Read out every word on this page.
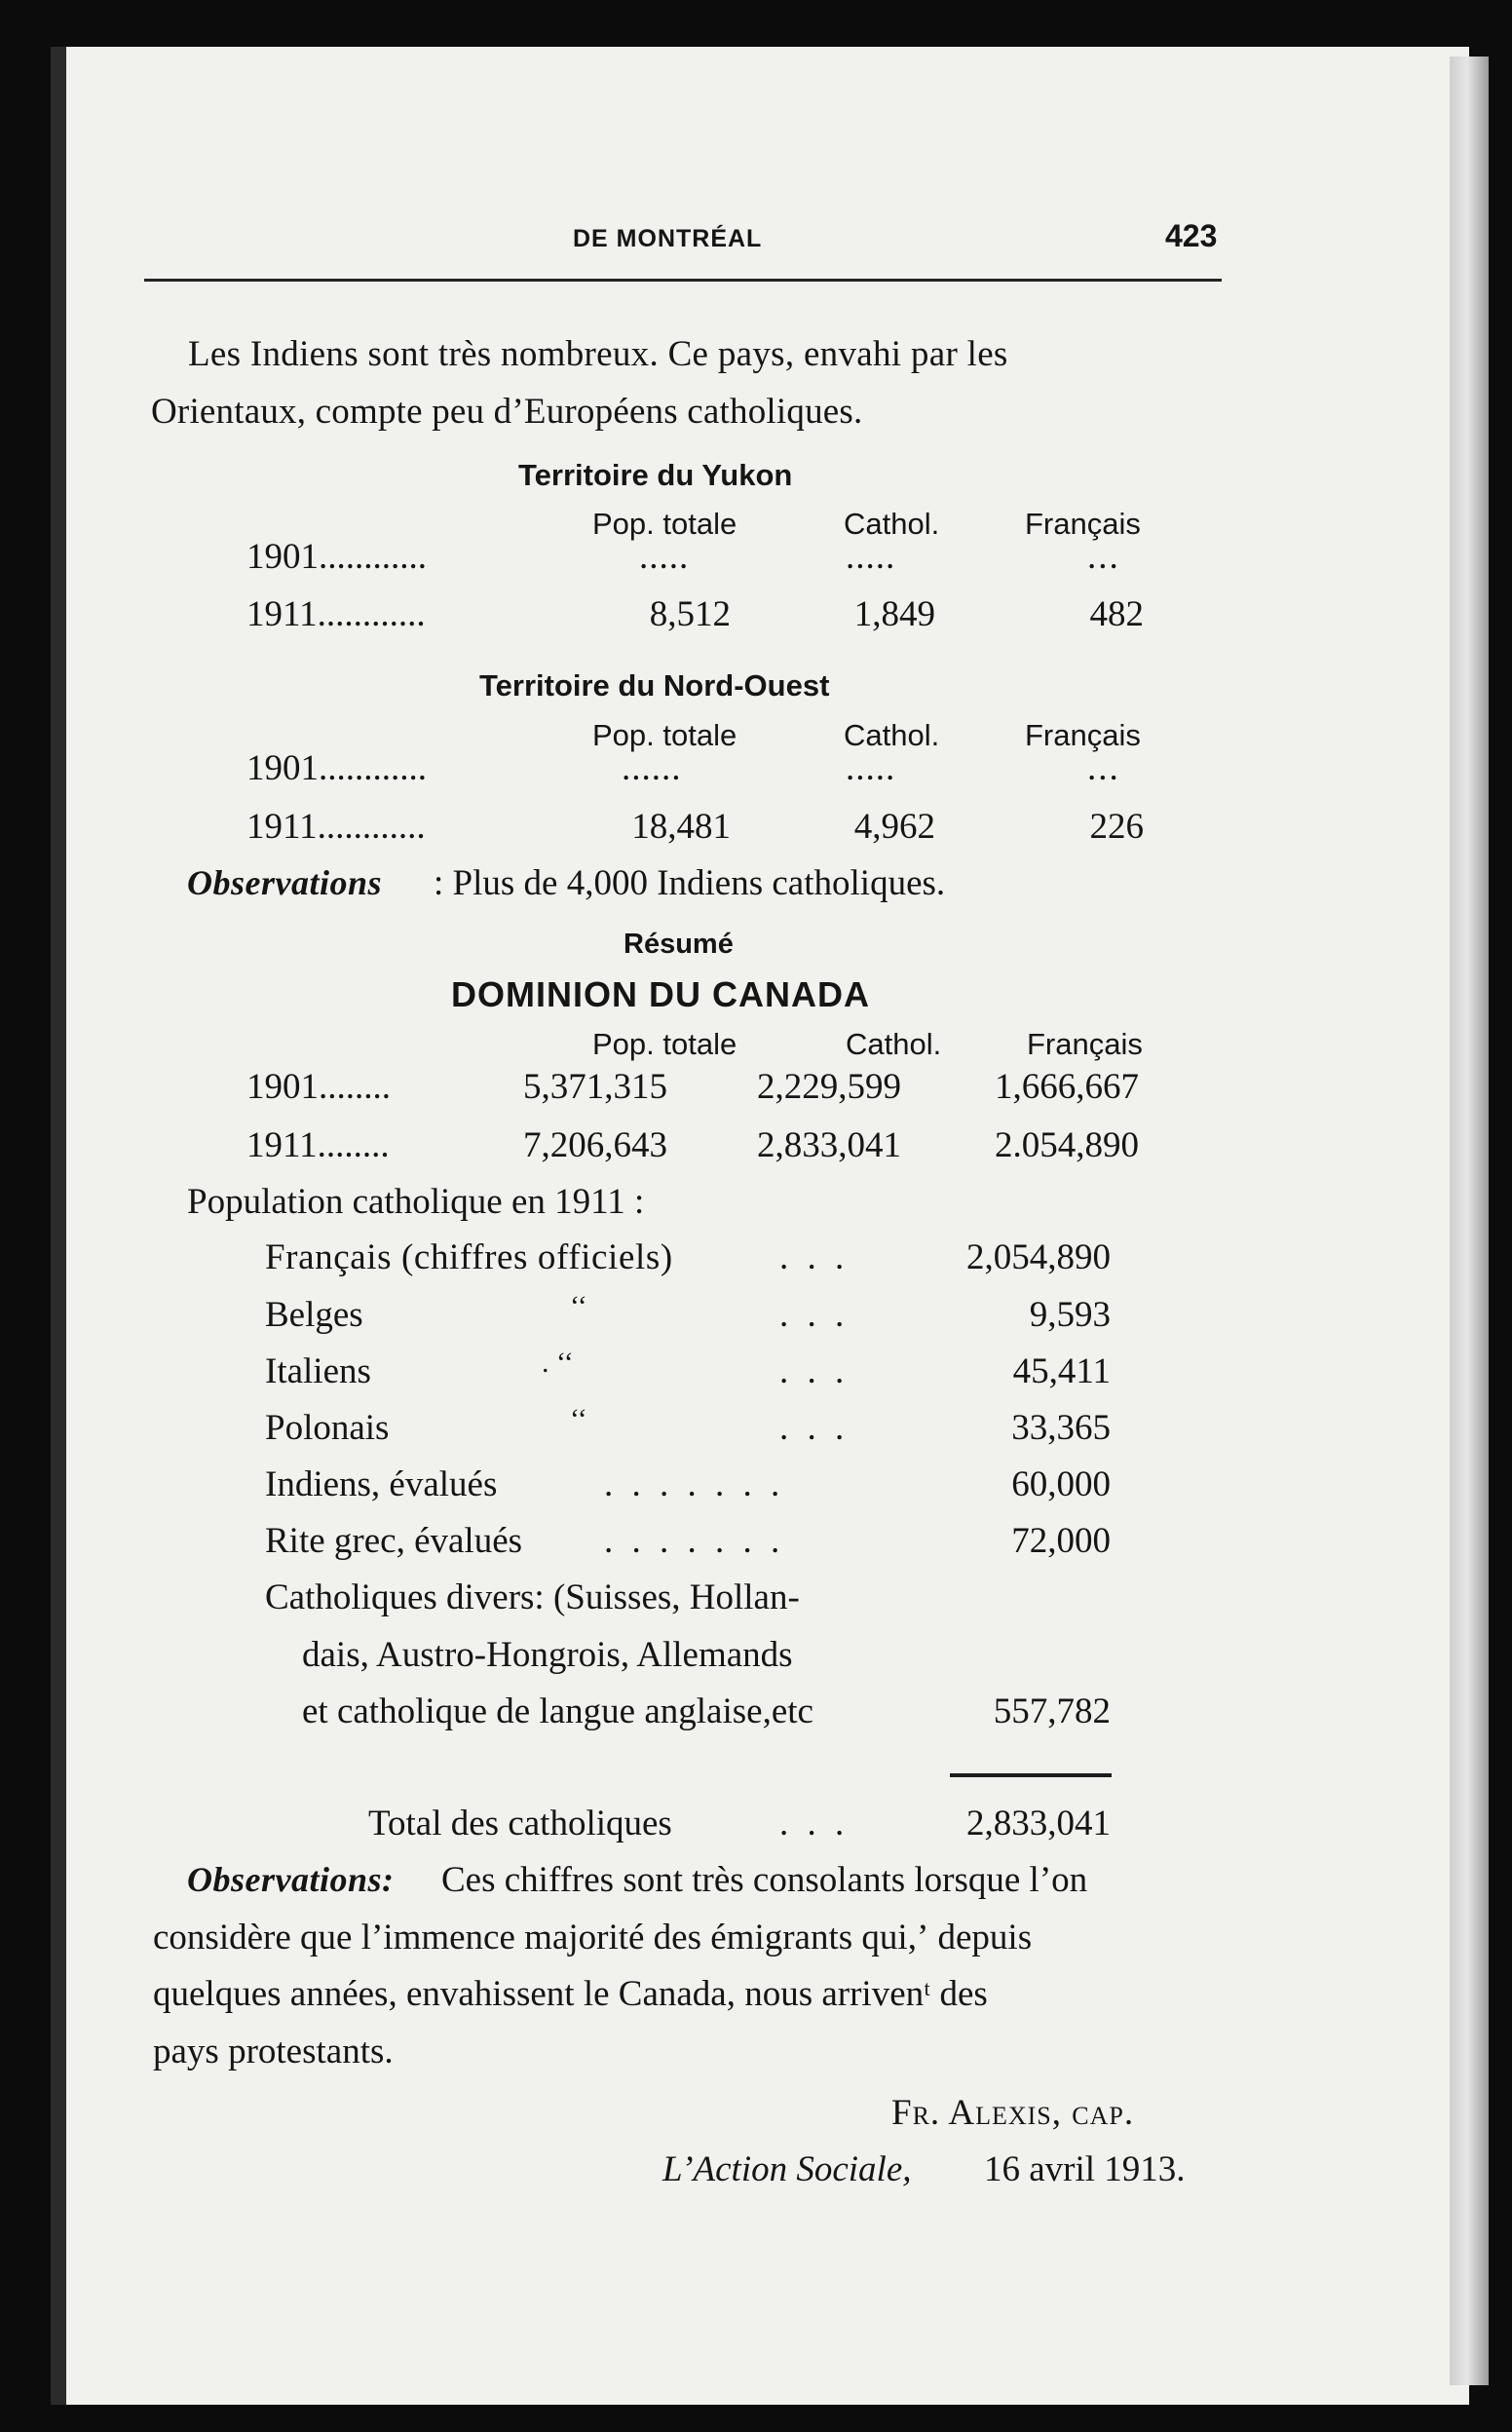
DE MONTRÉAL	423
Les Indiens sont très nombreux. Ce pays, envahi par les
Orientaux, compte peu d’Européens catholiques.
Territoire du Yukon
Pop. totale	Cathol.	Français
1901............	.....	.....	...
1911............	8,512	1,849	482
Territoire du Nord-Ouest
Pop. totale	Cathol.	Français
1901............	......	.....	...
1911............	18,481	4,962	226
Observations : Plus de 4,000 Indiens catholiques.
Résumé
DOMINION DU CANADA
Pop. totale	Cathol.	Français
1901........	5,371,315	2,229,599	1,666,667
1911........	7,206,643	2,833,041	2.054,890
Population catholique en 1911 :
Français (chiffres officiels)	. . .	2,054,890
Belges	‘‘	. . .	9,593
Italiens	. ‘‘	. . .	45,411
Polonais	‘‘	. . .	33,365
Indiens, évalués	. . . . . . .	60,000
Rite grec, évalués . . . . . . .	72,000
Catholiques divers: (Suisses, Hollan-
dais, Austro-Hongrois, Allemands
et catholique de langue anglaise,etc	557,782
Total des catholiques	. . .	2,833,041
Observations: Ces chiffres sont très consolants lorsque l’on
considère que l’immence majorité des émigrants qui,ʼ depuis
quelques années, envahissent le Canada, nous arrivenᵗ des
pays protestants.
Fr. Alexis, cap.
L’Action Sociale, 16 avril 1913.
